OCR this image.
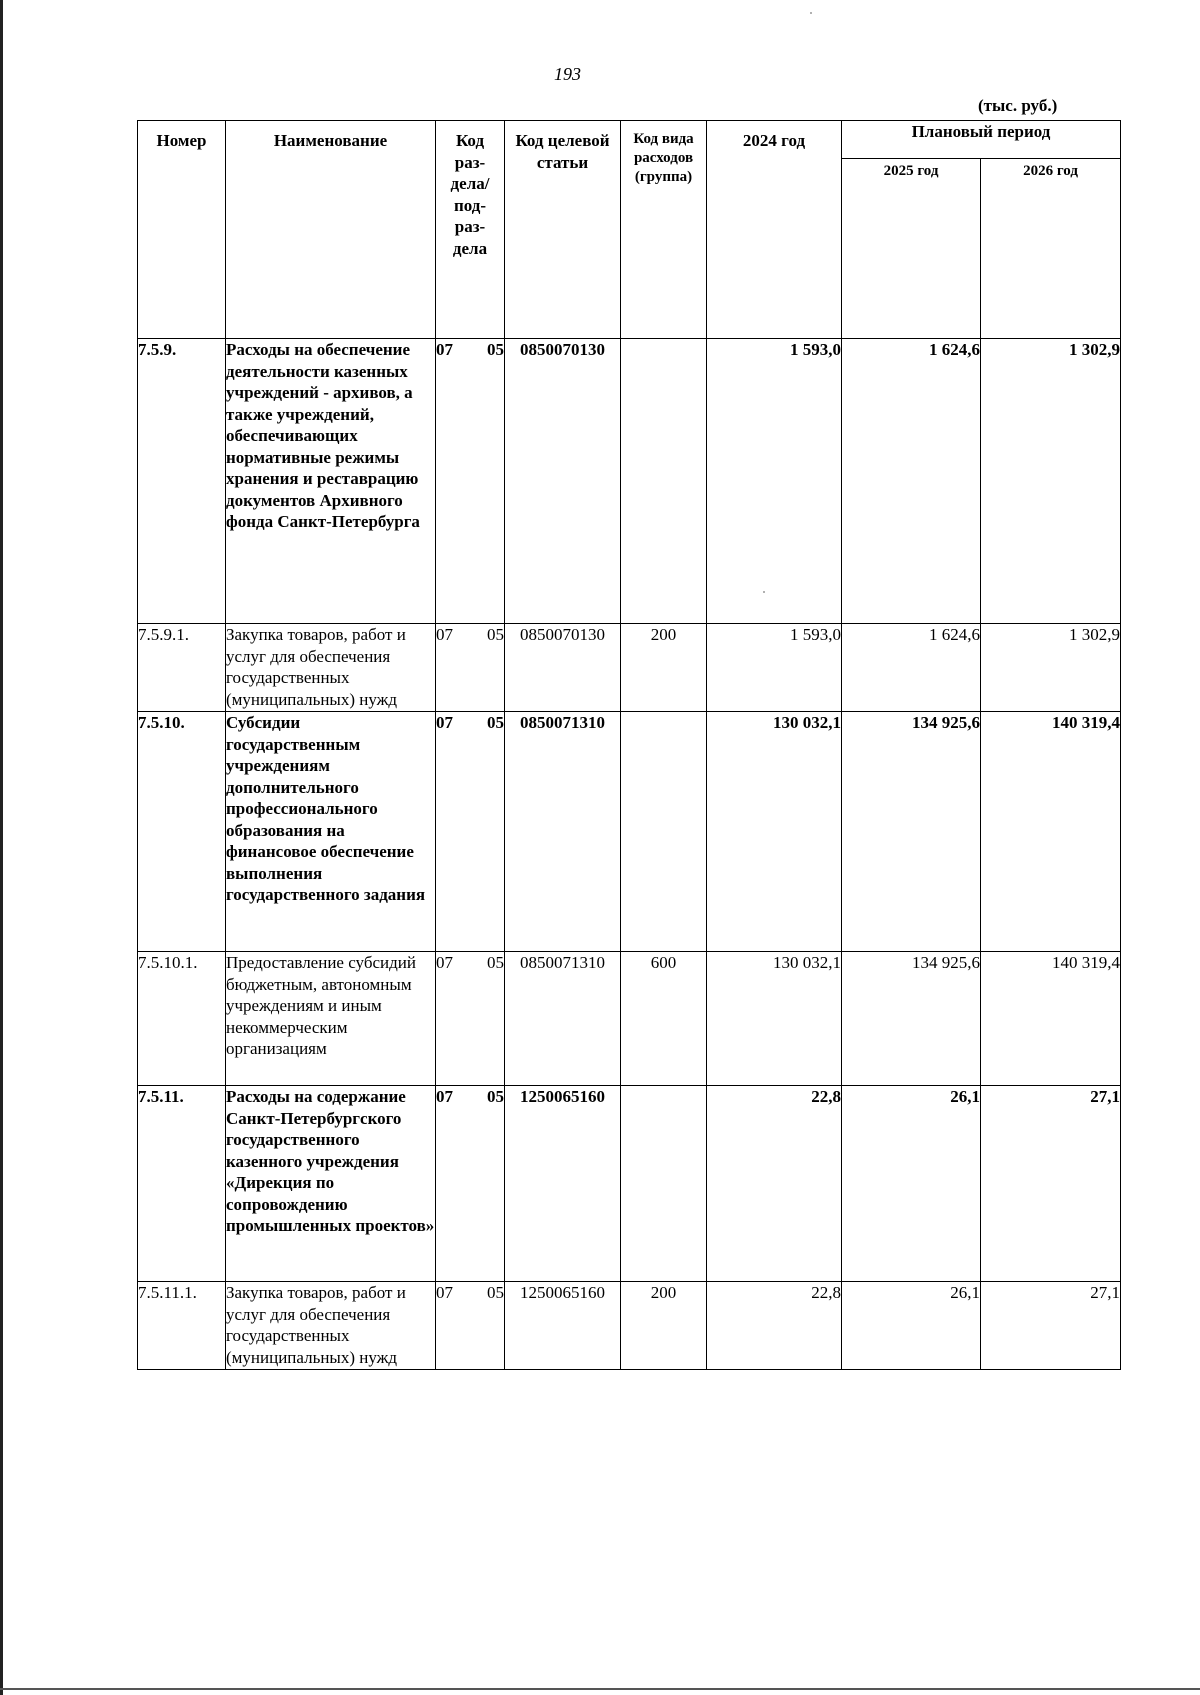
193
(тыс. руб.)
Номер	Наименование	Код раз-дела/ под-раз-дела	Код целевой статьи	Код вида расходов (группа)	2024 год	Плановый период	
						2025 год	2026 год
7.5.9.	Расходы на обеспечение деятельности казенных учреждений - архивов, а также учреждений, обеспечивающих нормативные режимы хранения и реставрацию документов Архивного фонда Санкт-Петербурга	07 05	0850070130		1 593,0	1 624,6	1 302,9
7.5.9.1.	Закупка товаров, работ и услуг для обеспечения государственных (муниципальных) нужд	07 05	0850070130	200	1 593,0	1 624,6	1 302,9
7.5.10.	Субсидии государственным учреждениям дополнительного профессионального образования на финансовое обеспечение выполнения государственного задания	07 05	0850071310		130 032,1	134 925,6	140 319,4
7.5.10.1.	Предоставление субсидий бюджетным, автономным учреждениям и иным некоммерческим организациям	07 05	0850071310	600	130 032,1	134 925,6	140 319,4
7.5.11.	Расходы на содержание Санкт-Петербургского государственного казенного учреждения «Дирекция по сопровождению промышленных проектов»	07 05	1250065160		22,8	26,1	27,1
7.5.11.1.	Закупка товаров, работ и услуг для обеспечения государственных (муниципальных) нужд	07 05	1250065160	200	22,8	26,1	27,1
